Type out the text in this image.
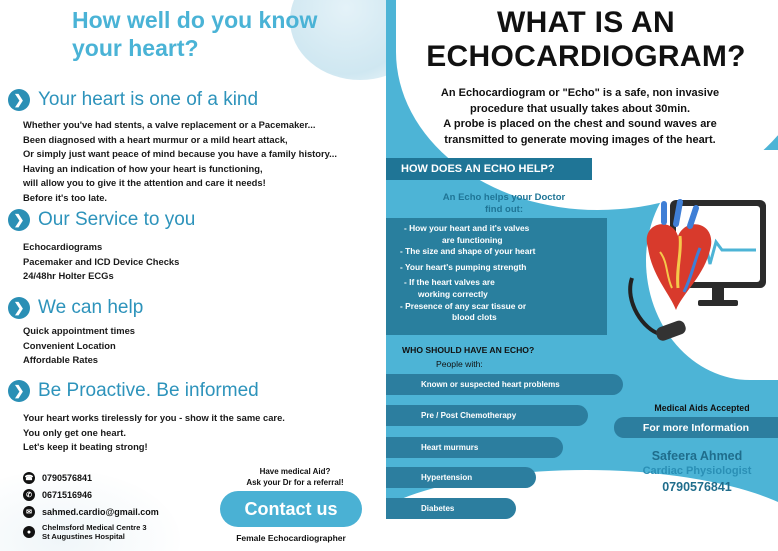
How well do you know your heart?
❯ Your heart is one of a kind
Whether you've had stents, a valve replacement or a Pacemaker...
Been diagnosed with a heart murmur or a mild heart attack,
Or simply just want peace of mind because you have a family history...
Having an indication of how your heart is functioning,
will allow you to give it the attention and care it needs!
Before it's too late.
❯ Our Service to you
Echocardiograms
Pacemaker and ICD Device Checks
24/48hr Holter ECGs
❯ We can help
Quick appointment times
Convenient Location
Affordable Rates
❯ Be Proactive. Be informed
Your heart works tirelessly for you - show it the same care.
You only get one heart.
Let's keep it beating strong!
☎ 0790576841
✆	0671516946
✉	sahmed.cardio@gmail.com
●	Chelmsford Medical Centre 3
St Augustines Hospital
Have medical Aid?
Ask your Dr for a referral!
Contact us
Female Echocardiographer
WHAT IS AN
ECHOCARDIOGRAM?
An Echocardiogram or "Echo" is a safe, non invasive
procedure that usually takes about 30min.
A probe is placed on the chest and sound waves are
transmitted to generate moving images of the heart.
HOW DOES AN ECHO HELP?
An Echo helps your Doctor
find out:
- How your heart and it's valves
are functioning
- The size and shape of your heart
- Your heart's pumping strength
- If the heart valves are
working correctly
- Presence of any scar tissue or
blood clots
WHO SHOULD HAVE AN ECHO?
People with:
Known or suspected heart problems
Pre / Post Chemotherapy
Heart murmurs
Hypertension
Diabetes
Medical Aids Accepted
For more Information
Safeera Ahmed
Cardiac Physiologist
0790576841
